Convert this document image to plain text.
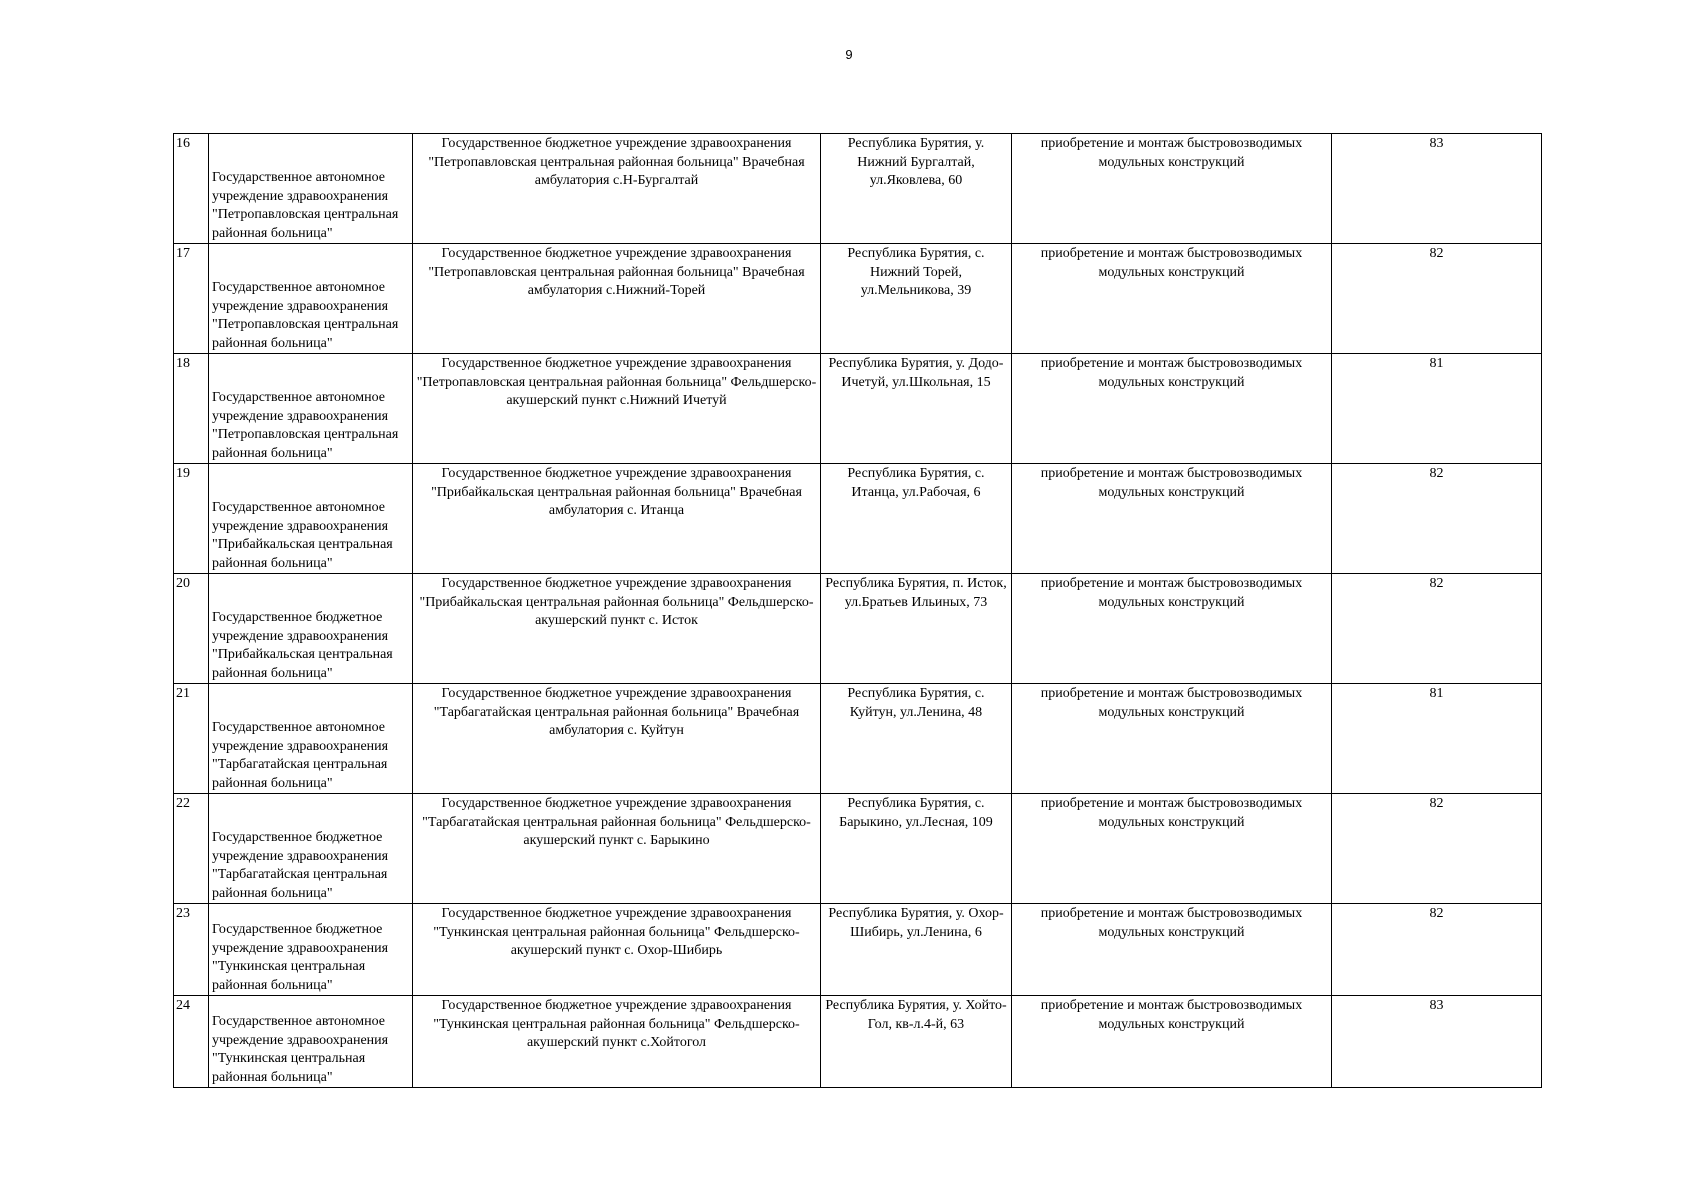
9
16	Государственное автономное учреждение здравоохранения "Петропавловская центральная районная больница"	Государственное бюджетное учреждение здравоохранения "Петропавловская центральная районная больница" Врачебная амбулатория с.Н-Бургалтай	Республика Бурятия, у. Нижний Бургалтай, ул.Яковлева, 60	приобретение и монтаж быстровозводимых модульных конструкций	83
17	Государственное автономное учреждение здравоохранения "Петропавловская центральная районная больница"	Государственное бюджетное учреждение здравоохранения "Петропавловская центральная районная больница" Врачебная амбулатория с.Нижний-Торей	Республика Бурятия, с. Нижний Торей, ул.Мельникова, 39	приобретение и монтаж быстровозводимых модульных конструкций	82
18	Государственное автономное учреждение здравоохранения "Петропавловская центральная районная больница"	Государственное бюджетное учреждение здравоохранения "Петропавловская центральная районная больница" Фельдшерско-акушерский пункт с.Нижний Ичетуй	Республика Бурятия, у. Додо-Ичетуй, ул.Школьная, 15	приобретение и монтаж быстровозводимых модульных конструкций	81
19	Государственное автономное учреждение здравоохранения "Прибайкальская центральная районная больница"	Государственное бюджетное учреждение здравоохранения "Прибайкальская центральная районная больница" Врачебная амбулатория с. Итанца	Республика Бурятия, с. Итанца, ул.Рабочая, 6	приобретение и монтаж быстровозводимых модульных конструкций	82
20	Государственное бюджетное учреждение здравоохранения "Прибайкальская центральная районная больница"	Государственное бюджетное учреждение здравоохранения "Прибайкальская центральная районная больница" Фельдшерско-акушерский пункт с. Исток	Республика Бурятия, п. Исток, ул.Братьев Ильиных, 73	приобретение и монтаж быстровозводимых модульных конструкций	82
21	Государственное автономное учреждение здравоохранения "Тарбагатайская центральная районная больница"	Государственное бюджетное учреждение здравоохранения "Тарбагатайская центральная районная больница" Врачебная амбулатория с. Куйтун	Республика Бурятия, с. Куйтун, ул.Ленина, 48	приобретение и монтаж быстровозводимых модульных конструкций	81
22	Государственное бюджетное учреждение здравоохранения "Тарбагатайская центральная районная больница"	Государственное бюджетное учреждение здравоохранения "Тарбагатайская центральная районная больница" Фельдшерско-акушерский пункт с. Барыкино	Республика Бурятия, с. Барыкино, ул.Лесная, 109	приобретение и монтаж быстровозводимых модульных конструкций	82
23	Государственное бюджетное учреждение здравоохранения "Тункинская центральная районная больница"	Государственное бюджетное учреждение здравоохранения "Тункинская центральная районная больница" Фельдшерско-акушерский пункт с. Охор-Шибирь	Республика Бурятия, у. Охор-Шибирь, ул.Ленина, 6	приобретение и монтаж быстровозводимых модульных конструкций	82
24	Государственное автономное учреждение здравоохранения "Тункинская центральная районная больница"	Государственное бюджетное учреждение здравоохранения "Тункинская центральная районная больница" Фельдшерско-акушерский пункт с.Хойтогол	Республика Бурятия, у. Хойто-Гол, кв-л.4-й, 63	приобретение и монтаж быстровозводимых модульных конструкций	83
